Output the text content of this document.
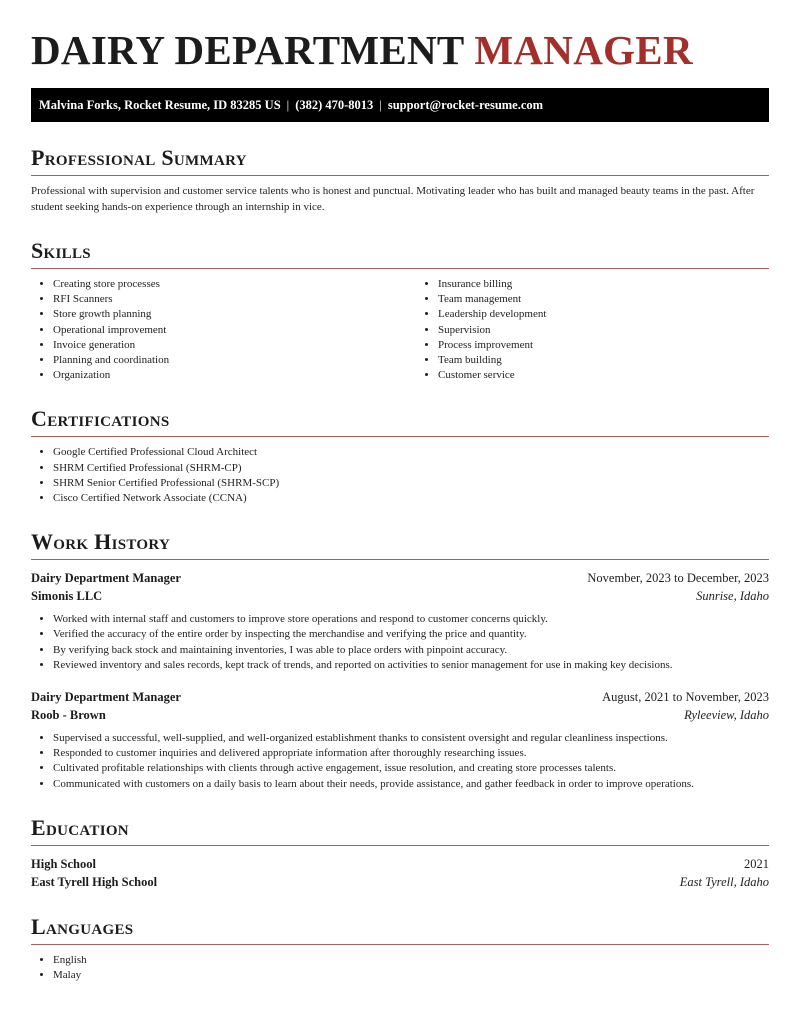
DAIRY DEPARTMENT MANAGER
Malvina Forks, Rocket Resume, ID 83285 US | (382) 470-8013 | support@rocket-resume.com
Professional Summary

Professional with supervision and customer service talents who is honest and punctual. Motivating leader who has built and managed beauty teams in the past. After student seeking hands-on experience through an internship in vice.

Skills
• Creating store processes
• RFI Scanners
• Store growth planning
• Operational improvement
• Invoice generation
• Planning and coordination
• Organization
• Insurance billing
• Team management
• Leadership development
• Supervision
• Process improvement
• Team building
• Customer service
Certifications
• Google Certified Professional Cloud Architect
• SHRM Certified Professional (SHRM-CP)
• SHRM Senior Certified Professional (SHRM-SCP)
• Cisco Certified Network Associate (CCNA)
Work History
Dairy Department Manager	November, 2023 to December, 2023
Simonis LLC	Sunrise, Idaho
• Worked with internal staff and customers to improve store operations and respond to customer concerns quickly.
• Verified the accuracy of the entire order by inspecting the merchandise and verifying the price and quantity.
• By verifying back stock and maintaining inventories, I was able to place orders with pinpoint accuracy.
• Reviewed inventory and sales records, kept track of trends, and reported on activities to senior management for use in making key decisions.
Dairy Department Manager	August, 2021 to November, 2023
Roob - Brown	Ryleeview, Idaho
• Supervised a successful, well-supplied, and well-organized establishment thanks to consistent oversight and regular cleanliness inspections.
• Responded to customer inquiries and delivered appropriate information after thoroughly researching issues.
• Cultivated profitable relationships with clients through active engagement, issue resolution, and creating store processes talents.
• Communicated with customers on a daily basis to learn about their needs, provide assistance, and gather feedback in order to improve operations.
Education
High School	2021
East Tyrell High School	East Tyrell, Idaho
Languages
• English
• Malay
